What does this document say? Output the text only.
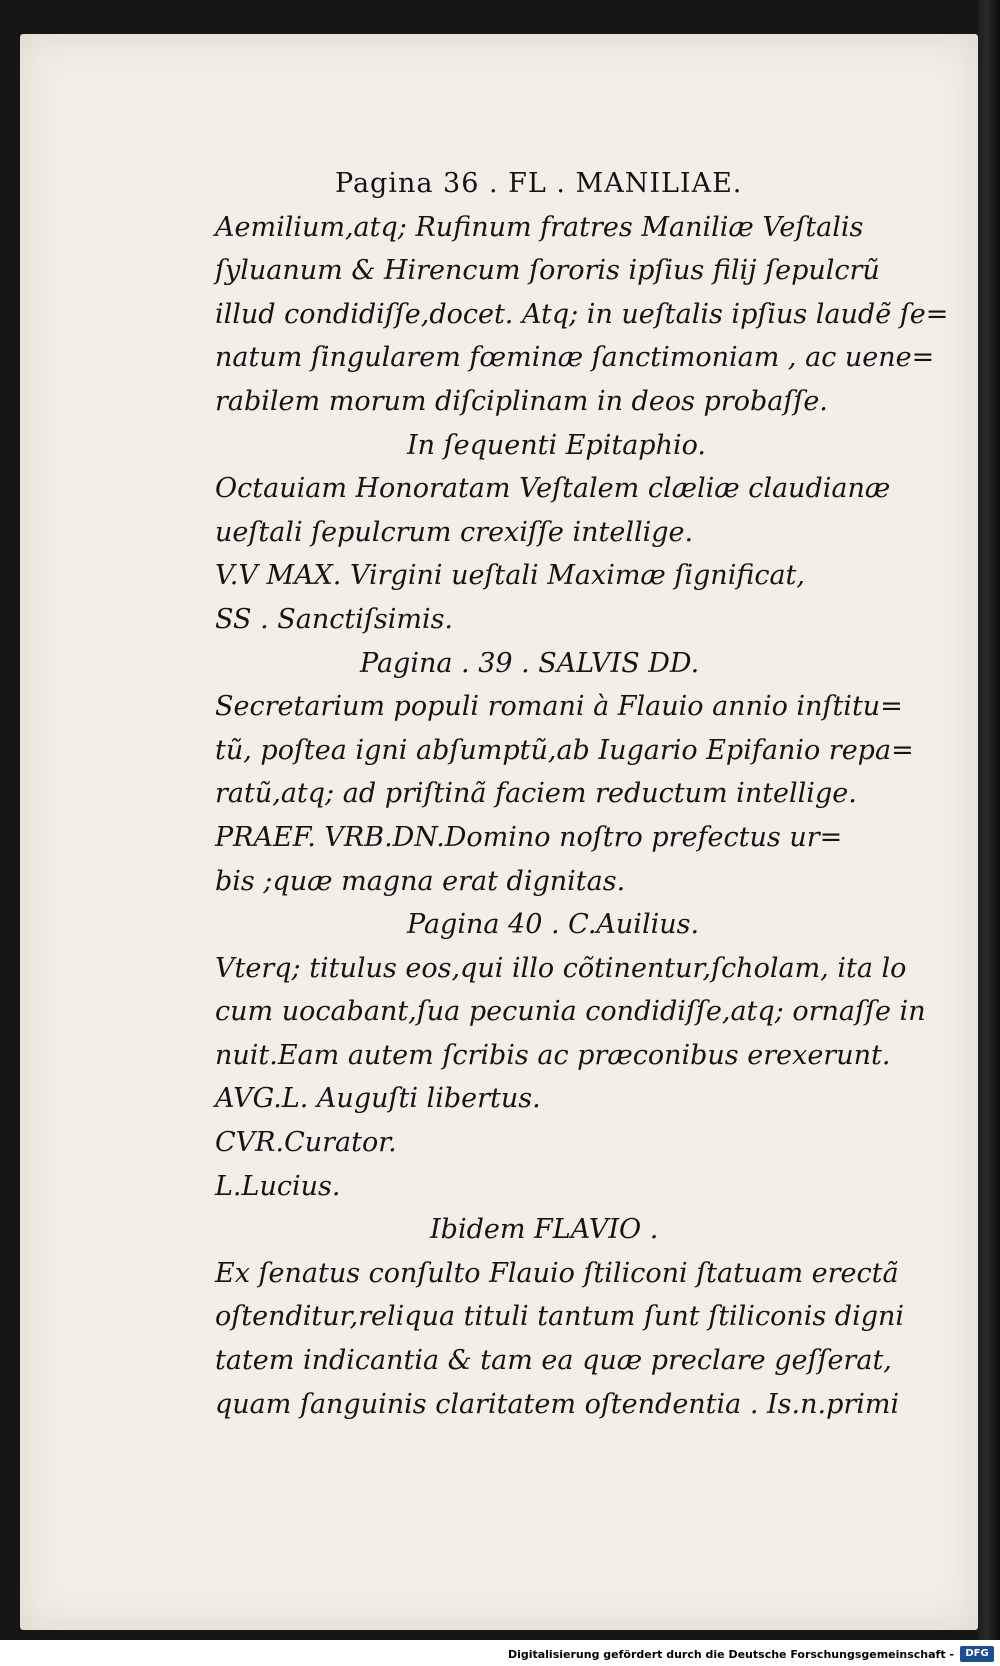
Pagina 36 . FL . MANILIAE.
Aemilium,atq; Rufinum fratres Maniliæ Veſtalis
ſyluanum & Hirencum ſororis ipſius filij ſepulcrũ
illud condidiſſe,docet. Atq; in ueſtalis ipſius laudẽ ſe=
natum ſingularem fœminæ ſanctimoniam , ac uene=
rabilem morum diſciplinam in deos probaſſe.
In ſequenti Epitaphio.
Octauiam Honoratam Veſtalem clæliæ claudianæ
ueſtali ſepulcrum crexiſſe intellige.
V.V MAX. Virgini ueſtali Maximæ ſignificat,
SS . Sanctiſsimis.
Pagina . 39 . SALVIS DD.
Secretarium populi romani à Flauio annio inſtitu=
tũ, poſtea igni abſumptũ,ab Iugario Epifanio repa=
ratũ,atq; ad priſtinã faciem reductum intellige.
PRAEF. VRB.DN.Domino noſtro prefectus ur=
bis ;quæ magna erat dignitas.
Pagina 40 . C.Auilius.
Vterq; titulus eos,qui illo cõtinentur,ſcholam, ita lo
cum uocabant,ſua pecunia condidiſſe,atq; ornaſſe in
nuit.Eam autem ſcribis ac præconibus erexerunt.
AVG.L. Auguſti libertus.
CVR.Curator.
L.Lucius.
Ibidem FLAVIO .
Ex ſenatus conſulto Flauio ſtiliconi ſtatuam erectã
oſtenditur,reliqua tituli tantum ſunt ſtiliconis digni
tatem indicantia & tam ea quæ preclare geſſerat,
quam ſanguinis claritatem oſtendentia . Is.n.primi
Digitalisierung gefördert durch die Deutsche Forschungsgemeinschaft -	DFG
